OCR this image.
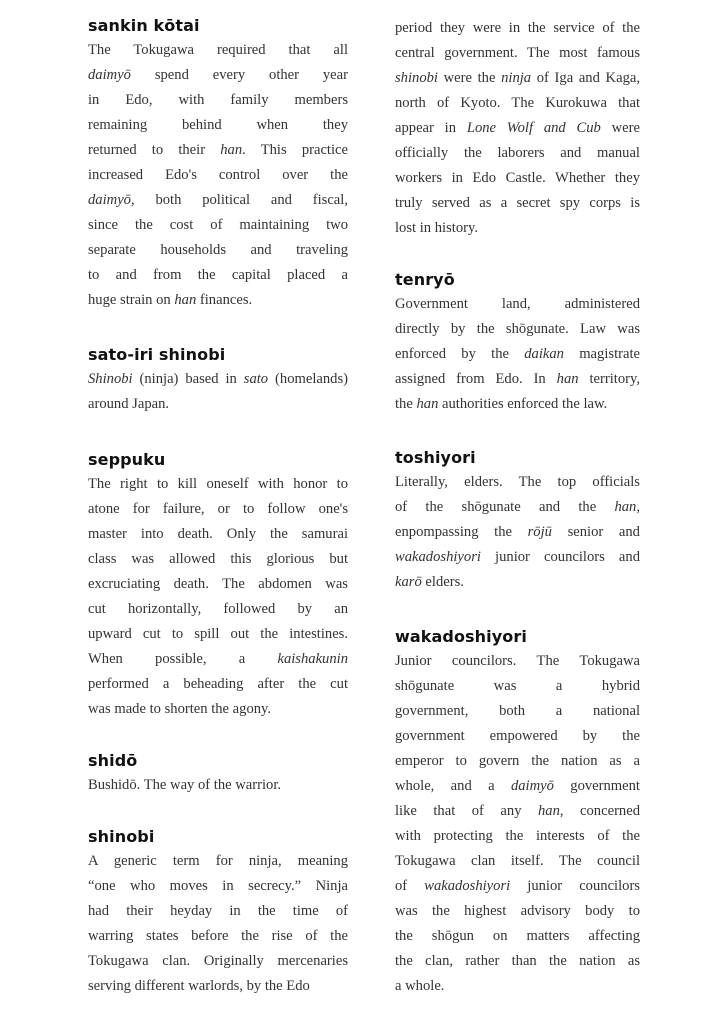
sankin kōtai
The Tokugawa required that all
daimyō spend every other year
in Edo, with family members
remaining behind when they
returned to their han. This practice
increased Edo's control over the
daimyō, both political and fiscal,
since the cost of maintaining two
separate households and traveling
to and from the capital placed a
huge strain on han finances.
sato-iri shinobi
Shinobi (ninja) based in sato (homelands)
around Japan.
seppuku
The right to kill oneself with honor to
atone for failure, or to follow one's
master into death. Only the samurai
class was allowed this glorious but
excruciating death. The abdomen was
cut horizontally, followed by an
upward cut to spill out the intestines.
When possible, a kaishakunin
performed a beheading after the cut
was made to shorten the agony.
shidō
Bushidō. The way of the warrior.
shinobi
A generic term for ninja, meaning
“one who moves in secrecy.” Ninja
had their heyday in the time of
warring states before the rise of the
Tokugawa clan. Originally mercenaries
serving different warlords, by the Edo
period they were in the service of the
central government. The most famous
shinobi were the ninja of Iga and Kaga,
north of Kyoto. The Kurokuwa that
appear in Lone Wolf and Cub were
officially the laborers and manual
workers in Edo Castle. Whether they
truly served as a secret spy corps is
lost in history.
tenryō
Government land, administered
directly by the shōgunate. Law was
enforced by the daikan magistrate
assigned from Edo. In han territory,
the han authorities enforced the law.
toshiyori
Literally, elders. The top officials
of the shōgunate and the han,
enpompassing the rōjū senior and
wakadoshiyori junior councilors and
karō elders.
wakadoshiyori
Junior councilors. The Tokugawa
shōgunate was a hybrid
government, both a national
government empowered by the
emperor to govern the nation as a
whole, and a daimyō government
like that of any han, concerned
with protecting the interests of the
Tokugawa clan itself. The council
of wakadoshiyori junior councilors
was the highest advisory body to
the shōgun on matters affecting
the clan, rather than the nation as
a whole.
